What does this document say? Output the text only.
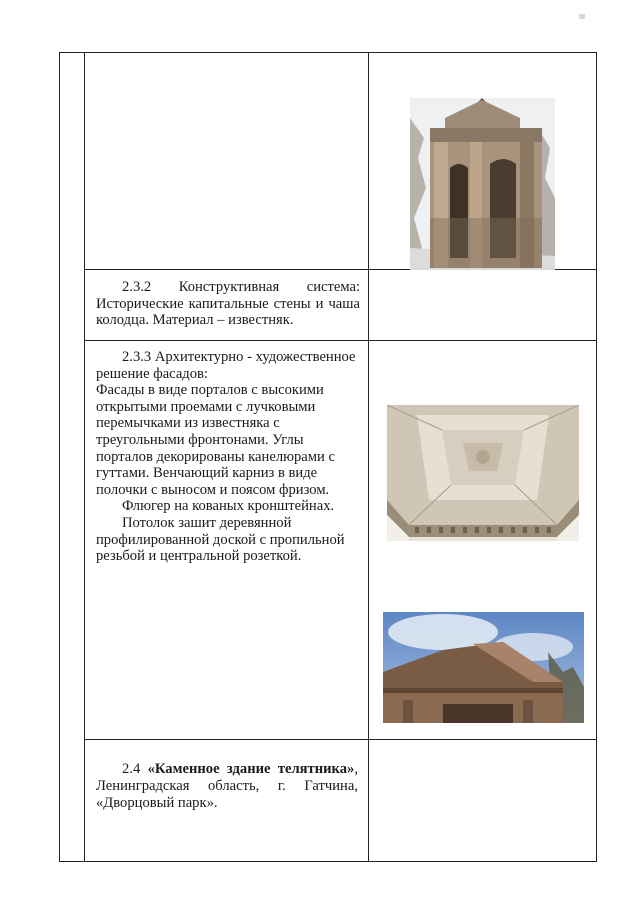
2.3.2 Конструктивная система:

Исторические капитальные стены и чаша колодца. Материал – известняк.

2.3.3 Архитектурно - художественное решение фасадов:

Фасады в виде порталов с высокими открытыми проемами с лучковыми перемычками из известняка с треугольными фронтонами. Углы порталов декорированы канелюрами с гуттами. Венчающий карниз в виде полочки с выносом и поясом фризом.

Флюгер на кованых кронштейнах.

Потолок зашит деревянной профилированной доской с пропильной резьбой и центральной розеткой.

2.4 «Каменное здание телятника», Ленинградская область, г. Гатчина, «Дворцовый парк».
